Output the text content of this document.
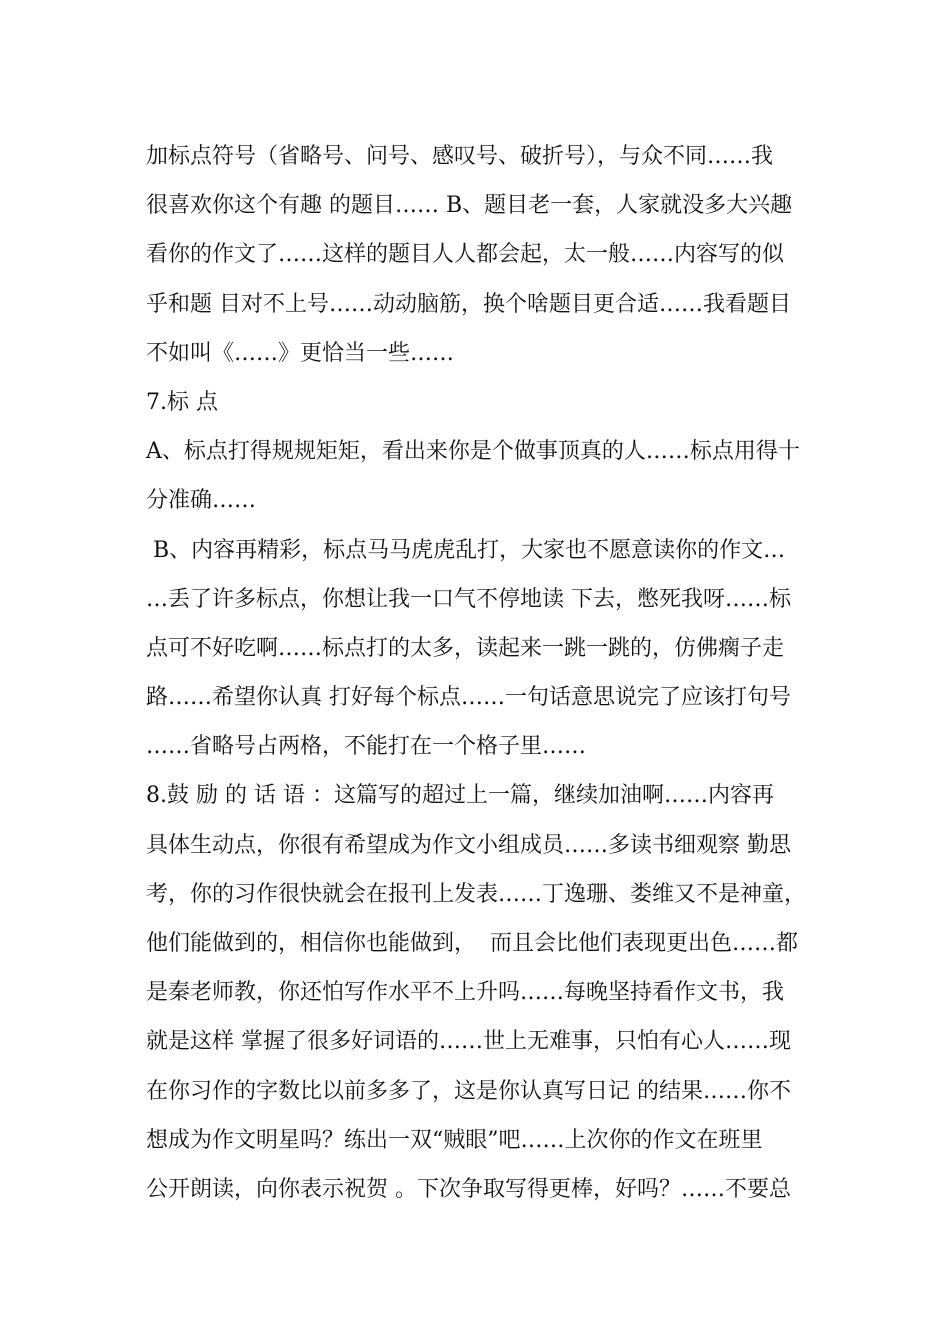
加标点符号（省略号、问号、感叹号、破折号），与众不同……我
很喜欢你这个有趣 的题目…… B、题目老一套，人家就没多大兴趣
看你的作文了……这样的题目人人都会起，太一般……内容写的似
乎和题 目对不上号……动动脑筋，换个啥题目更合适……我看题目
不如叫《……》更恰当一些……
7.标 点
A、标点打得规规矩矩，看出来你是个做事顶真的人……标点用得十
分准确……
B、内容再精彩，标点马马虎虎乱打，大家也不愿意读你的作文…
…丢了许多标点，你想让我一口气不停地读 下去，憋死我呀……标
点可不好吃啊……标点打的太多，读起来一跳一跳的，仿佛瘸子走
路……希望你认真 打好每个标点……一句话意思说完了应该打句号
……省略号占两格，不能打在一个格子里……
8.鼓 励 的 话 语 ：这篇写的超过上一篇，继续加油啊……内容再
具体生动点，你很有希望成为作文小组成员……多读书细观察 勤思
考，你的习作很快就会在报刊上发表……丁逸珊、娄维又不是神童，
他们能做到的，相信你也能做到，  而且会比他们表现更出色……都
是秦老师教，你还怕写作水平不上升吗……每晚坚持看作文书，我
就是这样 掌握了很多好词语的……世上无难事，只怕有心人……现
在你习作的字数比以前多多了，这是你认真写日记 的结果……你不
想成为作文明星吗？练出一双“贼眼”吧……上次你的作文在班里
公开朗读，向你表示祝贺 。下次争取写得更棒，好吗？……不要总
